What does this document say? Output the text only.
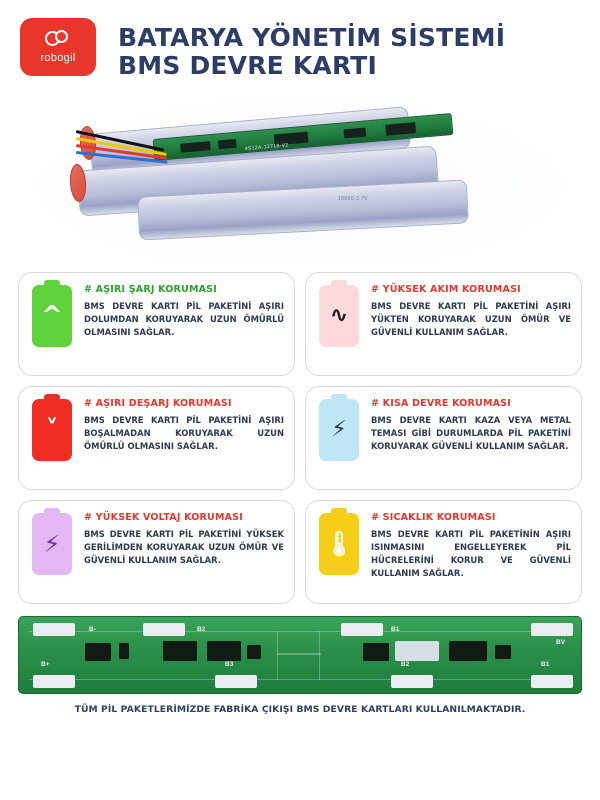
robogil
BATARYA YÖNETİM SİSTEMİ
BMS DEVRE KARTI
4S12A-12718-V2
18650-3.7V
^
# AŞIRI ŞARJ KORUMASI
BMS DEVRE KARTI PİL PAKETİNİ AŞIRI DOLUMDAN KORUYARAK UZUN ÖMÜRLÜ OLMASINI SAĞLAR.
∿
# YÜKSEK AKIM KORUMASI
BMS DEVRE KARTI PİL PAKETİNİ AŞIRI YÜKTEN KORUYARAK UZUN ÖMÜR VE GÜVENLİ KULLANIM SAĞLAR.
˅
# AŞIRI DEŞARJ KORUMASI
BMS DEVRE KARTI PİL PAKETİNİ AŞIRI BOŞALMADAN KORUYARAK UZUN ÖMÜRLÜ OLMASINI SAĞLAR.
⚡
# KISA DEVRE KORUMASI
BMS DEVRE KARTI KAZA VEYA METAL TEMASI GİBİ DURUMLARDA PİL PAKETİNİ KORUYARAK GÜVENLİ KULLANIM SAĞLAR.
⚡
# YÜKSEK VOLTAJ KORUMASI
BMS DEVRE KARTI PİL PAKETİNİ YÜKSEK GERİLİMDEN KORUYARAK UZUN ÖMÜR VE GÜVENLİ KULLANIM SAĞLAR.
🌡
# SICAKLIK KORUMASI
BMS DEVRE KARTI PİL PAKETİNİN AŞIRI ISINMASINI ENGELLEYEREK PİL HÜCRELERİNİ KORUR VE GÜVENLİ KULLANIM SAĞLAR.
B-	B2	B1
BV
B+	B3	B2	B1
TÜM PİL PAKETLERİMİZDE FABRİKA ÇIKIŞI BMS DEVRE KARTLARI KULLANILMAKTADIR.
